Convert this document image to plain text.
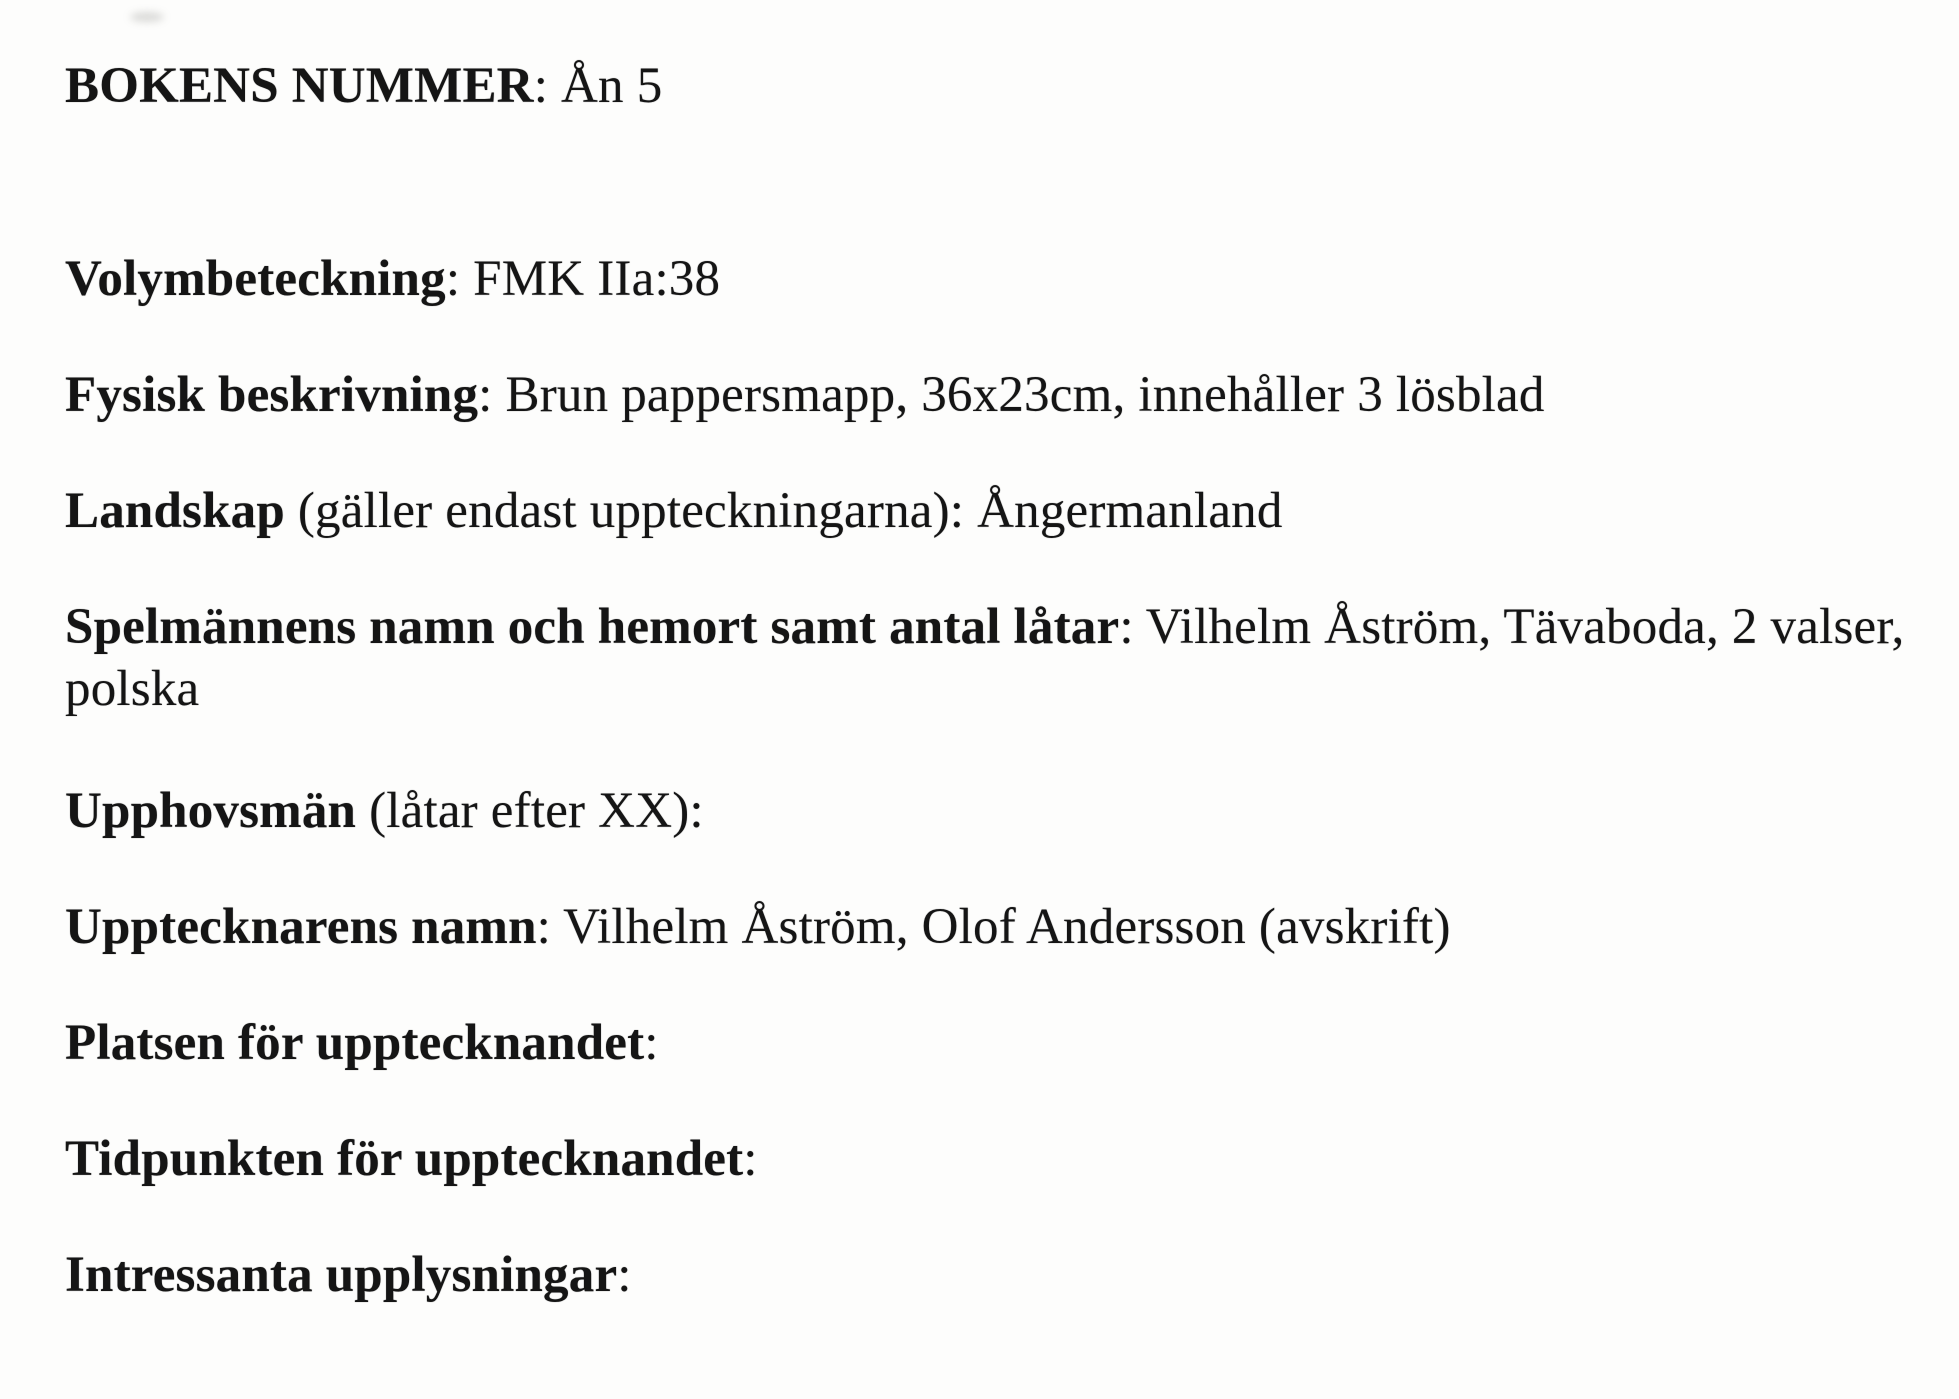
BOKENS NUMMER: Ån 5

Volymbeteckning: FMK IIa:38

Fysisk beskrivning: Brun pappersmapp, 36x23cm, innehåller 3 lösblad

Landskap (gäller endast uppteckningarna): Ångermanland

Spelmännens namn och hemort samt antal låtar: Vilhelm Åström, Tävaboda, 2 valser,
polska

Upphovsmän (låtar efter XX):

Upptecknarens namn: Vilhelm Åström, Olof Andersson (avskrift)

Platsen för upptecknandet:

Tidpunkten för upptecknandet:

Intressanta upplysningar:
